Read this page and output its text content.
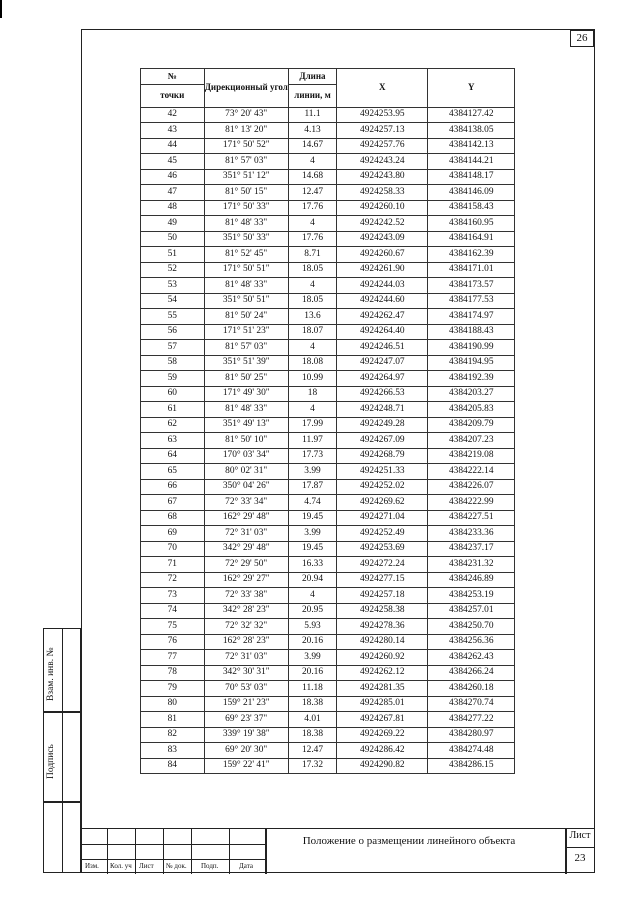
26
№	Дирекционный угол	Длина	X	Y
точки		линии, м		
42	73° 20' 43"	11.1	4924253.95	4384127.42
43	81° 13' 20"	4.13	4924257.13	4384138.05
44	171° 50' 52"	14.67	4924257.76	4384142.13
45	81° 57' 03"	4	4924243.24	4384144.21
46	351° 51' 12"	14.68	4924243.80	4384148.17
47	81° 50' 15"	12.47	4924258.33	4384146.09
48	171° 50' 33"	17.76	4924260.10	4384158.43
49	81° 48' 33"	4	4924242.52	4384160.95
50	351° 50' 33"	17.76	4924243.09	4384164.91
51	81° 52' 45"	8.71	4924260.67	4384162.39
52	171° 50' 51"	18.05	4924261.90	4384171.01
53	81° 48' 33"	4	4924244.03	4384173.57
54	351° 50' 51"	18.05	4924244.60	4384177.53
55	81° 50' 24"	13.6	4924262.47	4384174.97
56	171° 51' 23"	18.07	4924264.40	4384188.43
57	81° 57' 03"	4	4924246.51	4384190.99
58	351° 51' 39"	18.08	4924247.07	4384194.95
59	81° 50' 25"	10.99	4924264.97	4384192.39
60	171° 49' 30"	18	4924266.53	4384203.27
61	81° 48' 33"	4	4924248.71	4384205.83
62	351° 49' 13"	17.99	4924249.28	4384209.79
63	81° 50' 10"	11.97	4924267.09	4384207.23
64	170° 03' 34"	17.73	4924268.79	4384219.08
65	80° 02' 31"	3.99	4924251.33	4384222.14
66	350° 04' 26"	17.87	4924252.02	4384226.07
67	72° 33' 34"	4.74	4924269.62	4384222.99
68	162° 29' 48"	19.45	4924271.04	4384227.51
69	72° 31' 03"	3.99	4924252.49	4384233.36
70	342° 29' 48"	19.45	4924253.69	4384237.17
71	72° 29' 50"	16.33	4924272.24	4384231.32
72	162° 29' 27"	20.94	4924277.15	4384246.89
73	72° 33' 38"	4	4924257.18	4384253.19
74	342° 28' 23"	20.95	4924258.38	4384257.01
75	72° 32' 32"	5.93	4924278.36	4384250.70
76	162° 28' 23"	20.16	4924280.14	4384256.36
77	72° 31' 03"	3.99	4924260.92	4384262.43
78	342° 30' 31"	20.16	4924262.12	4384266.24
79	70° 53' 03"	11.18	4924281.35	4384260.18
80	159° 21' 23"	18.38	4924285.01	4384270.74
81	69° 23' 37"	4.01	4924267.81	4384277.22
82	339° 19' 38"	18.38	4924269.22	4384280.97
83	69° 20' 30"	12.47	4924286.42	4384274.48
84	159° 22' 41"	17.32	4924290.82	4384286.15
Взам. инв. №
Подпись
Изм. Кол. уч Лист № док. Подп.	Дата
Положение о размещении линейного объекта	Лист
23
